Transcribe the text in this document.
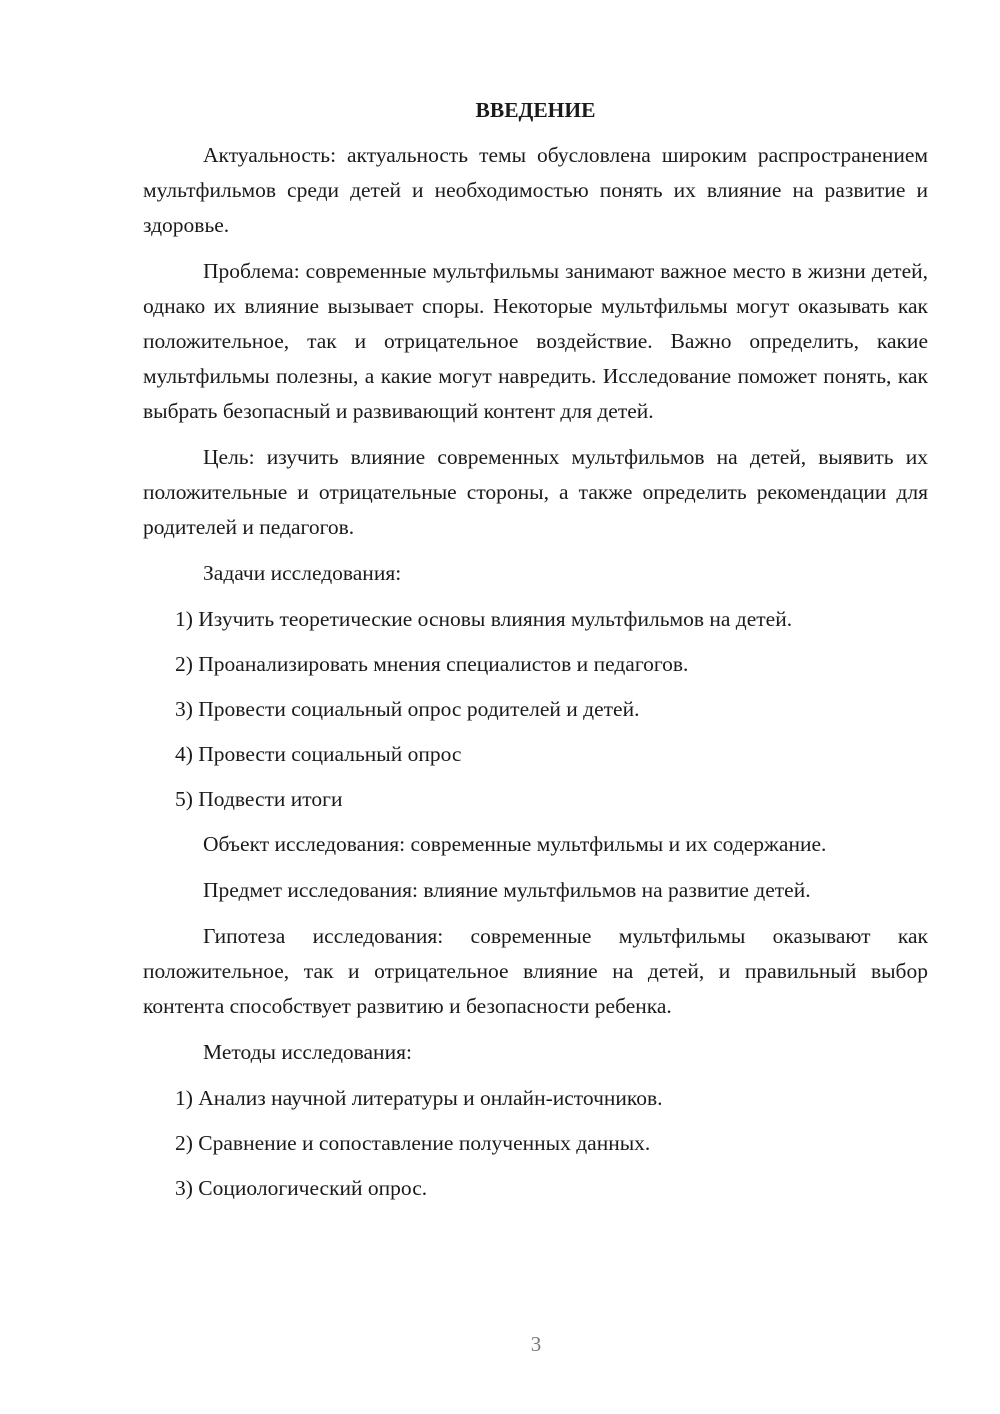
ВВЕДЕНИЕ

Актуальность: актуальность темы обусловлена широким распространением мультфильмов среди детей и необходимостью понять их влияние на развитие и здоровье.

Проблема: современные мультфильмы занимают важное место в жизни детей, однако их влияние вызывает споры. Некоторые мультфильмы могут оказывать как положительное, так и отрицательное воздействие. Важно определить, какие мультфильмы полезны, а какие могут навредить. Исследование поможет понять, как выбрать безопасный и развивающий контент для детей.

Цель: изучить влияние современных мультфильмов на детей, выявить их положительные и отрицательные стороны, а также определить рекомендации для родителей и педагогов.

Задачи исследования:

1) Изучить теоретические основы влияния мультфильмов на детей.

2) Проанализировать мнения специалистов и педагогов.

3) Провести социальный опрос родителей и детей.

4) Провести социальный опрос

5) Подвести итоги

Объект исследования: современные мультфильмы и их содержание.

Предмет исследования: влияние мультфильмов на развитие детей.

Гипотеза исследования: современные мультфильмы оказывают как положительное, так и отрицательное влияние на детей, и правильный выбор контента способствует развитию и безопасности ребенка.

Методы исследования:

1) Анализ научной литературы и онлайн-источников.

2) Сравнение и сопоставление полученных данных.

3) Социологический опрос.

3
